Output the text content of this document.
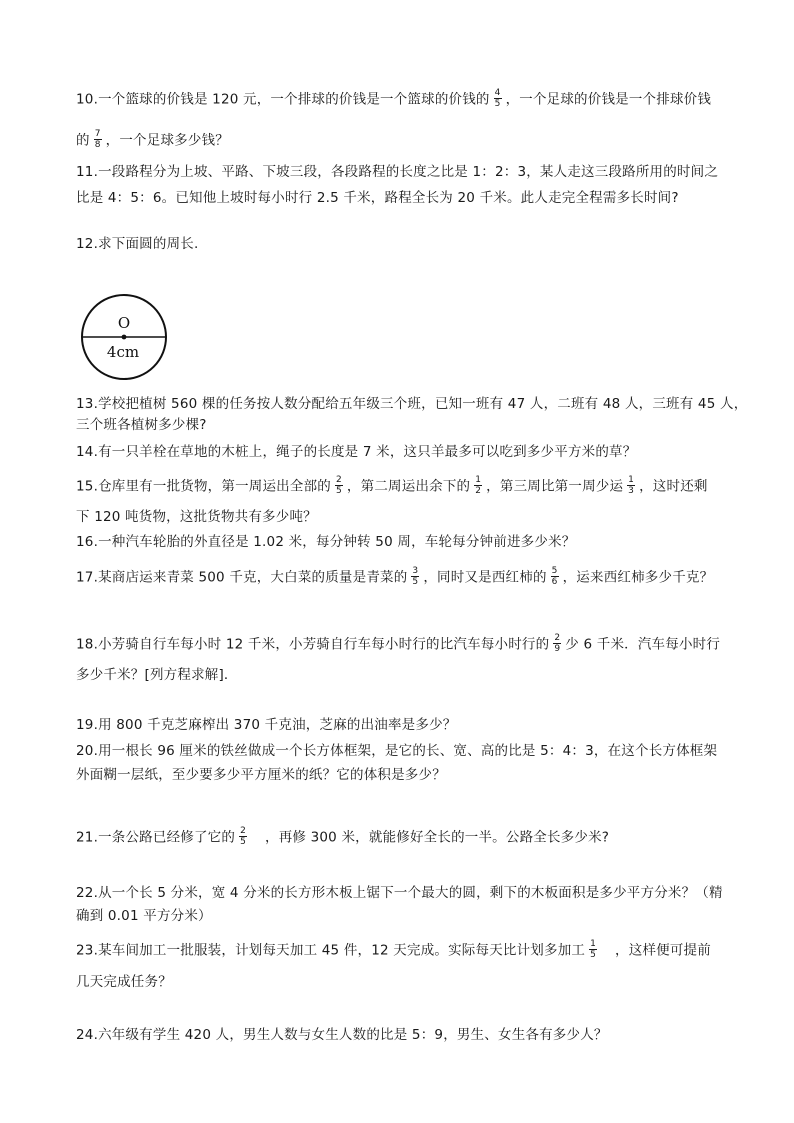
10.一个篮球的价钱是 120 元，一个排球的价钱是一个篮球的价钱的 $\frac{4}{5}$ ，一个足球的价钱是一个排球价钱
的 $\frac{7}{8}$ ，一个足球多少钱？
11.一段路程分为上坡、平路、下坡三段，各段路程的长度之比是 1：2：3，某人走这三段路所用的时间之
比是 4：5：6。已知他上坡时每小时行 2.5 千米，路程全长为 20 千米。此人走完全程需多长时间?
12.求下面圆的周长.
O
4cm
13.学校把植树 560 棵的任务按人数分配给五年级三个班，已知一班有 47 人，二班有 48 人，三班有 45 人，
三个班各植树多少棵?
14.有一只羊栓在草地的木桩上，绳子的长度是 7 米，这只羊最多可以吃到多少平方米的草？
15.仓库里有一批货物，第一周运出全部的 $\frac{2}{5}$ ，第二周运出余下的 $\frac{1}{2}$ ，第三周比第一周少运 $\frac{1}{3}$ ，这时还剩
下 120 吨货物，这批货物共有多少吨？
16.一种汽车轮胎的外直径是 1.02 米，每分钟转 50 周，车轮每分钟前进多少米？
17.某商店运来青菜 500 千克，大白菜的质量是青菜的 $\frac{3}{5}$ ，同时又是西红柿的 $\frac{5}{6}$ ，运来西红柿多少千克？
18.小芳骑自行车每小时 12 千米，小芳骑自行车每小时行的比汽车每小时行的 $\frac{2}{9}$ 少 6 千米．汽车每小时行
多少千米？[列方程求解]．
19.用 800 千克芝麻榨出 370 千克油，芝麻的出油率是多少？
20.用一根长 96 厘米的铁丝做成一个长方体框架，是它的长、宽、高的比是 5：4：3，在这个长方体框架
外面糊一层纸，至少要多少平方厘米的纸？它的体积是多少？
21.一条公路已经修了它的 $\frac{2}{5}$ ，再修 300 米，就能修好全长的一半。公路全长多少米?
22.从一个长 5 分米，宽 4 分米的长方形木板上锯下一个最大的圆，剩下的木板面积是多少平方分米？（精
确到 0.01 平方分米）
23.某车间加工一批服装，计划每天加工 45 件，12 天完成。实际每天比计划多加工 $\frac{1}{5}$ ，这样便可提前
几天完成任务？
24.六年级有学生 420 人，男生人数与女生人数的比是 5：9，男生、女生各有多少人？
